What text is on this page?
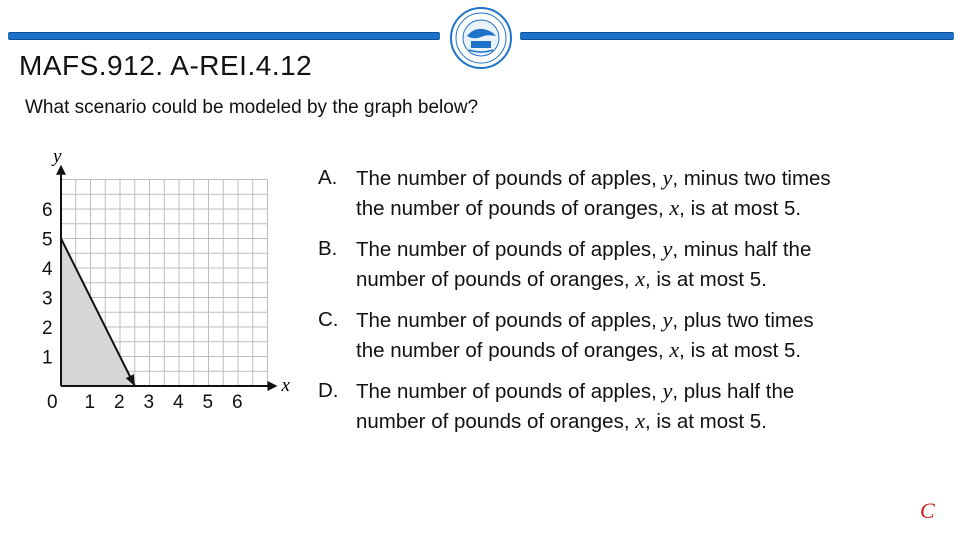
MAFS.912. A-REI.4.12
What scenario could be modeled by the graph below?
x
y
0 1 2 3 4 5 6
1
2
3
4
5
6
A. The number of pounds of apples, y, minus two times
the number of pounds of oranges, x, is at most 5.
B. The number of pounds of apples, y, minus half the
number of pounds of oranges, x, is at most 5.
C. The number of pounds of apples, y, plus two times
the number of pounds of oranges, x, is at most 5.
D. The number of pounds of apples, y, plus half the
number of pounds of oranges, x, is at most 5.
C
